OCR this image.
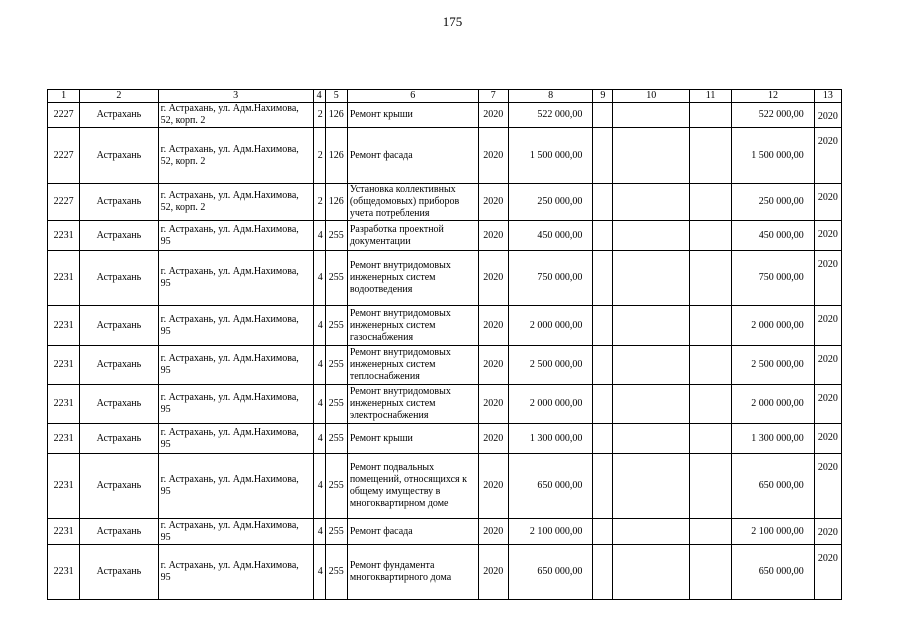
175
1	2	3	4	5	6	7	8	9	10	11	12	13
2227	Астрахань	г. Астрахань, ул. Адм.Нахимова, 52, корп. 2	2	126	Ремонт крыши	2020	522 000,00				522 000,00	2020
2227	Астрахань	г. Астрахань, ул. Адм.Нахимова, 52, корп. 2	2	126	Ремонт фасада	2020	1 500 000,00				1 500 000,00	2020
2227	Астрахань	г. Астрахань, ул. Адм.Нахимова, 52, корп. 2	2	126	Установка коллективных (общедомовых) приборов учета потребления	2020	250 000,00				250 000,00	2020
2231	Астрахань	г. Астрахань, ул. Адм.Нахимова, 95	4	255	Разработка проектной документации	2020	450 000,00				450 000,00	2020
2231	Астрахань	г. Астрахань, ул. Адм.Нахимова, 95	4	255	Ремонт внутридомовых инженерных систем водоотведения	2020	750 000,00				750 000,00	2020
2231	Астрахань	г. Астрахань, ул. Адм.Нахимова, 95	4	255	Ремонт внутридомовых инженерных систем газоснабжения	2020	2 000 000,00				2 000 000,00	2020
2231	Астрахань	г. Астрахань, ул. Адм.Нахимова, 95	4	255	Ремонт внутридомовых инженерных систем теплоснабжения	2020	2 500 000,00				2 500 000,00	2020
2231	Астрахань	г. Астрахань, ул. Адм.Нахимова, 95	4	255	Ремонт внутридомовых инженерных систем электроснабжения	2020	2 000 000,00				2 000 000,00	2020
2231	Астрахань	г. Астрахань, ул. Адм.Нахимова, 95	4	255	Ремонт крыши	2020	1 300 000,00				1 300 000,00	2020
2231	Астрахань	г. Астрахань, ул. Адм.Нахимова, 95	4	255	Ремонт подвальных помещений, относящихся к общему имуществу в многоквартирном доме	2020	650 000,00				650 000,00	2020
2231	Астрахань	г. Астрахань, ул. Адм.Нахимова, 95	4	255	Ремонт фасада	2020	2 100 000,00				2 100 000,00	2020
2231	Астрахань	г. Астрахань, ул. Адм.Нахимова, 95	4	255	Ремонт фундамента многоквартирного дома	2020	650 000,00				650 000,00	2020
